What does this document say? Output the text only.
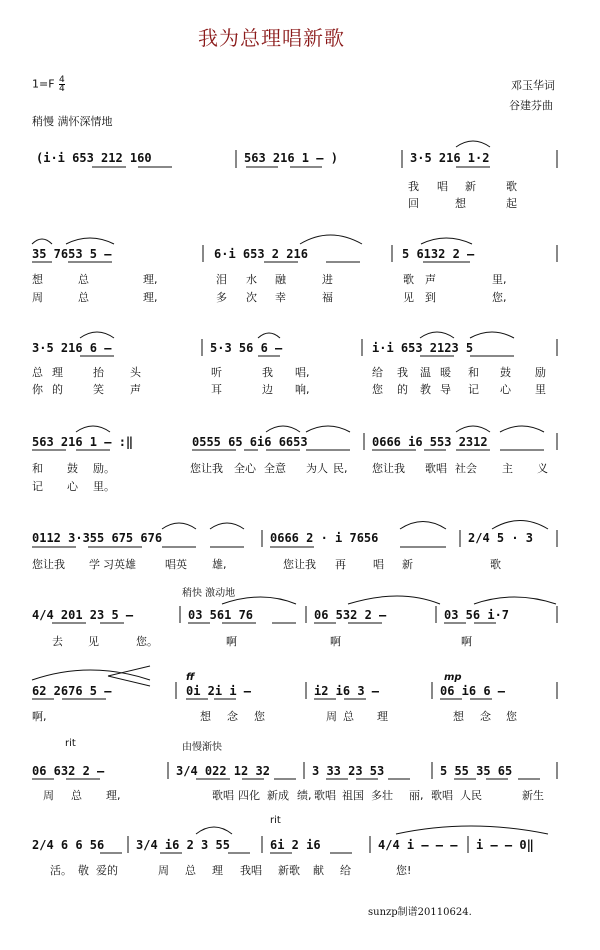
我为总理唱新歌
$1=F \frac{4}{4}$	邓玉华词
谷建芬曲
稍慢 满怀深情地
(i·i 653 212 160	563 216 1 – )	3·5 216 1·2
我 唱 新	歌
回	想	起
35 7653 5 –	6·i 653 2 216	5 6132 2 –
想	总	理,	泪 水 融	进	歌 声	里,
周	总	理,	多 次 幸	福	见 到	您,
3·5 216 6 –	5·3 56 6 –	i·i 653 2123 5
总 理	抬 头	听	我 唱,	给 我 温 暖 和 鼓 励
你 的	笑 声	耳	边 响,	您 的 教 导 记 心 里
563 216 1 – :‖	0555 65 6i6 6653	0666 i6 553 2312
和 鼓 励。	您让我 全心 全意 为人 民, 您让我 歌唱 社会 主 义
记 心 里。
0112 3·355 675 676	0666 2 · i 7656	2/4 5 · 3
您让我 学 习英雄	唱英 雄,	您让我 再 唱 新	歌
稍快 激动地
4/4 201 23 5 –	03 561 76	06 532 2 –	03 56 i·7
去 见	您。	啊	啊	啊
ff	mp
62 2676 5 –	0i 2i i –	i2 i6 3 –	06 i6 6 –
啊,	想 念 您	周 总 理	想 念 您
rit	由慢渐快
06 632 2 –	3/4 022 12 32	3 33 23 53	5 55 35 65
周 总 理,	歌唱 四化 新成 绩, 歌唱 祖国 多壮 丽, 歌唱 人民	新生
rit
2/4 6 6 56	3/4 i6 2 3 55	6i 2 i6	4/4 i – – – i – – 0‖
活。 敬 爱的	周 总 理 我唱 新歌 献 给	您!
sunzp制谱20110624.
